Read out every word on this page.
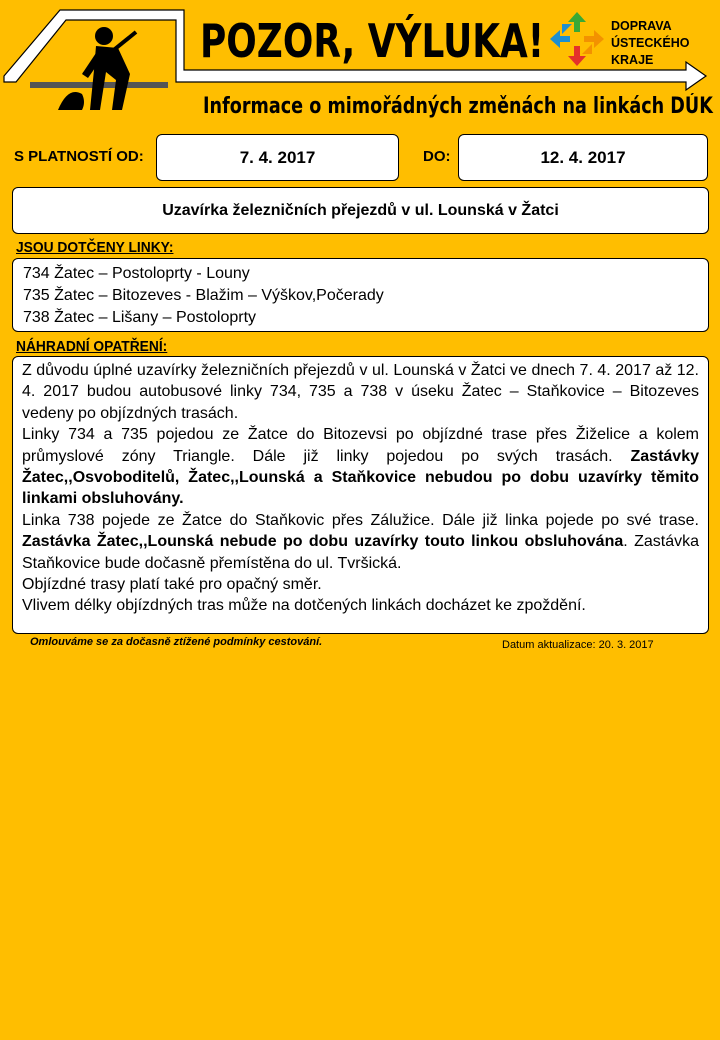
POZOR, VÝLUKA!
Informace o mimořádných změnách na linkách DÚK
DOPRAVA
ÚSTECKÉHO
KRAJE
S PLATNOSTÍ OD:	7. 4. 2017	DO:	12. 4. 2017
Uzavírka železničních přejezdů v ul. Lounská v Žatci
JSOU DOTČENY LINKY:
734 Žatec – Postoloprty - Louny
735 Žatec – Bitozeves - Blažim – Výškov,Počerady
738 Žatec – Lišany – Postoloprty
NÁHRADNÍ OPATŘENÍ:

Z důvodu úplné uzavírky železničních přejezdů v ul. Lounská v Žatci ve dnech 7. 4. 2017 až 12. 4. 2017 budou autobusové linky 734, 735 a 738 v úseku Žatec – Staňkovice – Bitozeves vedeny po objízdných trasách.

Linky 734 a 735 pojedou ze Žatce do Bitozevsi po objízdné trase přes Žiželice a kolem průmyslové zóny Triangle. Dále již linky pojedou po svých trasách. Zastávky Žatec,,Osvoboditelů, Žatec,,Lounská a Staňkovice nebudou po dobu uzavírky těmito linkami obsluhovány.

Linka 738 pojede ze Žatce do Staňkovic přes Zálužice. Dále již linka pojede po své trase. Zastávka Žatec,,Lounská nebude po dobu uzavírky touto linkou obsluhována. Zastávka Staňkovice bude dočasně přemístěna do ul. Tvršická.

Objízdné trasy platí také pro opačný směr.

Vlivem délky objízdných tras může na dotčených linkách docházet ke zpoždění.

Omlouváme se za dočasně ztížené podmínky cestování.	Datum aktualizace: 20. 3. 2017
